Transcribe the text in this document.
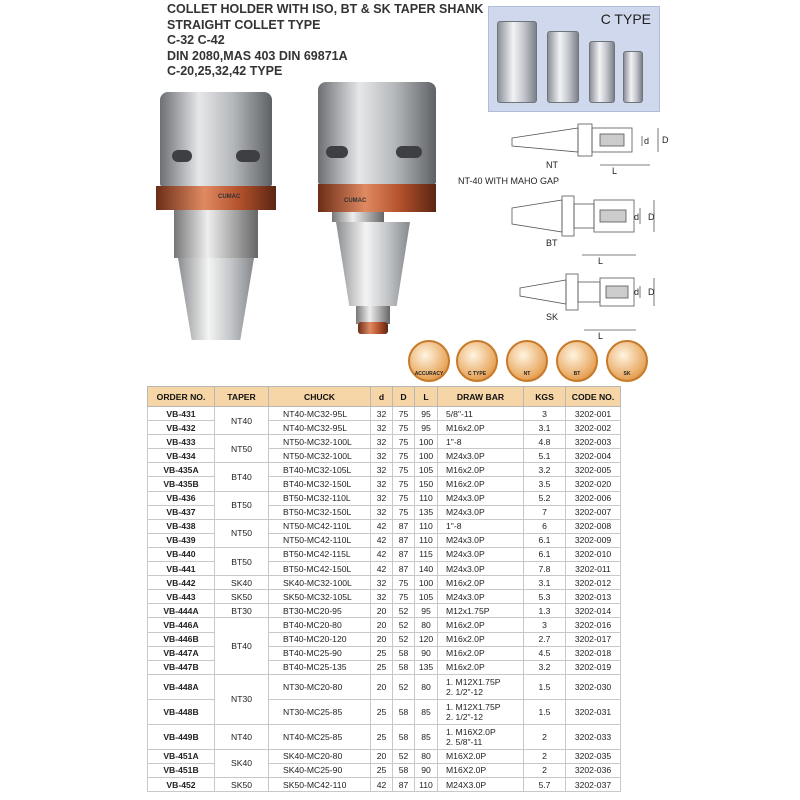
COLLET HOLDER WITH ISO, BT & SK TAPER SHANK
STRAIGHT COLLET TYPE
C-32 C-42
DIN 2080,MAS 403 DIN 69871A
C-20,25,32,42 TYPE
C TYPE
CUMAC
CUMAC
NT
NT-40 WITH MAHO GAP
d D
L
BT
d D
L
SK
d D
L
ACCURACY	C TYPE	NT	BT	SK
ORDER NO.	TAPER	CHUCK	d	D	L	DRAW BAR	KGS	CODE NO.
VB-431	NT40	NT40-MC32-95L	32	75	95	5/8"-11	3	3202-001
VB-432		NT40-MC32-95L	32	75	95	M16x2.0P	3.1	3202-002
VB-433	NT50	NT50-MC32-100L	32	75	100	1"-8	4.8	3202-003
VB-434		NT50-MC32-100L	32	75	100	M24x3.0P	5.1	3202-004
VB-435A	BT40	BT40-MC32-105L	32	75	105	M16x2.0P	3.2	3202-005
VB-435B		BT40-MC32-150L	32	75	150	M16x2.0P	3.5	3202-020
VB-436	BT50	BT50-MC32-110L	32	75	110	M24x3.0P	5.2	3202-006
VB-437		BT50-MC32-150L	32	75	135	M24x3.0P	7	3202-007
VB-438	NT50	NT50-MC42-110L	42	87	110	1"-8	6	3202-008
VB-439		NT50-MC42-110L	42	87	110	M24x3.0P	6.1	3202-009
VB-440	BT50	BT50-MC42-115L	42	87	115	M24x3.0P	6.1	3202-010
VB-441		BT50-MC42-150L	42	87	140	M24x3.0P	7.8	3202-011
VB-442	SK40	SK40-MC32-100L	32	75	100	M16x2.0P	3.1	3202-012
VB-443	SK50	SK50-MC32-105L	32	75	105	M24x3.0P	5.3	3202-013
VB-444A	BT30	BT30-MC20-95	20	52	95	M12x1.75P	1.3	3202-014
VB-446A	BT40	BT40-MC20-80	20	52	80	M16x2.0P	3	3202-016
VB-446B		BT40-MC20-120	20	52	120	M16x2.0P	2.7	3202-017
VB-447A		BT40-MC25-90	25	58	90	M16x2.0P	4.5	3202-018
VB-447B		BT40-MC25-135	25	58	135	M16x2.0P	3.2	3202-019
VB-448A	NT30	NT30-MC20-80	20	52	80	1. M12X1.75P
2. 1/2"-12	1.5	3202-030
VB-448B		NT30-MC25-85	25	58	85	1. M12X1.75P
2. 1/2"-12	1.5	3202-031
VB-449B	NT40	NT40-MC25-85	25	58	85	1. M16X2.0P
2. 5/8"-11	2	3202-033
VB-451A	SK40	SK40-MC20-80	20	52	80	M16X2.0P	2	3202-035
VB-451B		SK40-MC25-90	25	58	90	M16X2.0P	2	3202-036
VB-452	SK50	SK50-MC42-110	42	87	110	M24X3.0P	5.7	3202-037
